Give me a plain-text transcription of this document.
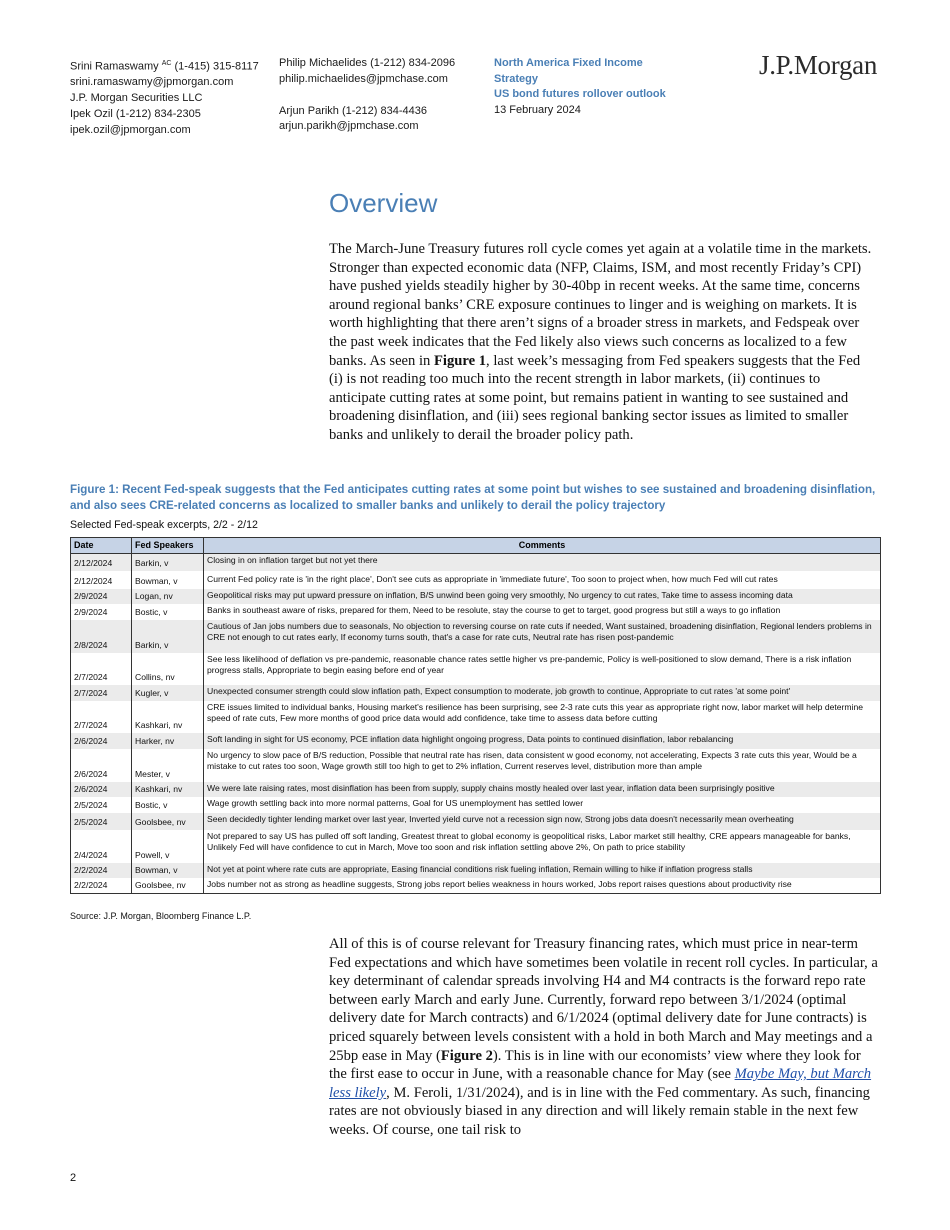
Srini Ramaswamy $^{AC}$ (1-415) 315-8117
srini.ramaswamy@jpmorgan.com
J.P. Morgan Securities LLC
Ipek Ozil (1-212) 834-2305
ipek.ozil@jpmorgan.com
Philip Michaelides (1-212) 834-2096
philip.michaelides@jpmchase.com
Arjun Parikh (1-212) 834-4436
arjun.parikh@jpmchase.com
North America Fixed Income
Strategy
US bond futures rollover outlook
13 February 2024
J.P.Morgan
Overview

The March-June Treasury futures roll cycle comes yet again at a volatile time in the markets. Stronger than expected economic data (NFP, Claims, ISM, and most recently Friday’s CPI) have pushed yields steadily higher by 30-40bp in recent weeks. At the same time, concerns around regional banks’ CRE exposure continues to linger and is weighing on markets. It is worth highlighting that there aren’t signs of a broader stress in markets, and Fedspeak over the past week indicates that the Fed likely also views such concerns as localized to a few banks. As seen in Figure 1, last week’s messaging from Fed speakers suggests that the Fed (i) is not reading too much into the recent strength in labor markets, (ii) continues to anticipate cutting rates at some point, but remains patient in wanting to see sustained and broadening disinflation, and (iii) sees regional banking sector issues as limited to smaller banks and unlikely to derail the broader policy path.

Figure 1: Recent Fed-speak suggests that the Fed anticipates cutting rates at some point but wishes to see sustained and broadening disinflation, and also sees CRE-related concerns as localized to smaller banks and unlikely to derail the policy trajectory
Selected Fed-speak excerpts, 2/2 - 2/12
Date	Fed Speakers	Comments
2/12/2024	Barkin, v	Closing in on inflation target but not yet there
2/12/2024	Bowman, v	Current Fed policy rate is 'in the right place', Don't see cuts as appropriate in 'immediate future', Too soon to project when, how much Fed will cut rates
2/9/2024	Logan, nv	Geopolitical risks may put upward pressure on inflation, B/S unwind been going very smoothly, No urgency to cut rates, Take time to assess incoming data
2/9/2024	Bostic, v	Banks in southeast aware of risks, prepared for them, Need to be resolute, stay the course to get to target, good progress but still a ways to go inflation
2/8/2024	Barkin, v	Cautious of Jan jobs numbers due to seasonals, No objection to reversing course on rate cuts if needed, Want sustained, broadening disinflation, Regional lenders problems in CRE not enough to cut rates early, If economy turns south, that's a case for rate cuts, Neutral rate has risen post-pandemic
2/7/2024	Collins, nv	See less likelihood of deflation vs pre-pandemic, reasonable chance rates settle higher vs pre-pandemic, Policy is well-positioned to slow demand, There is a risk inflation progress stalls, Appropriate to begin easing before end of year
2/7/2024	Kugler, v	Unexpected consumer strength could slow inflation path, Expect consumption to moderate, job growth to continue, Appropriate to cut rates 'at some point'
2/7/2024	Kashkari, nv	CRE issues limited to individual banks, Housing market's resilience has been surprising, see 2-3 rate cuts this year as appropriate right now, labor market will help determine speed of rate cuts, Few more months of good price data would add confidence, take time to assess data before cutting
2/6/2024	Harker, nv	Soft landing in sight for US economy, PCE inflation data highlight ongoing progress, Data points to continued disinflation, labor rebalancing
2/6/2024	Mester, v	No urgency to slow pace of B/S reduction, Possible that neutral rate has risen, data consistent w good economy, not accelerating, Expects 3 rate cuts this year, Would be a mistake to cut rates too soon, Wage growth still too high to get to 2% inflation, Current reserves level, distribution more than ample
2/6/2024	Kashkari, nv	We were late raising rates, most disinflation has been from supply, supply chains mostly healed over last year, inflation data been surprisingly positive
2/5/2024	Bostic, v	Wage growth settling back into more normal patterns, Goal for US unemployment has settled lower
2/5/2024	Goolsbee, nv	Seen decidedly tighter lending market over last year, Inverted yield curve not a recession sign now, Strong jobs data doesn't necessarily mean overheating
2/4/2024	Powell, v	Not prepared to say US has pulled off soft landing, Greatest threat to global economy is geopolitical risks, Labor market still healthy, CRE appears manageable for banks, Unlikely Fed will have confidence to cut in March, Move too soon and risk inflation settling above 2%, On path to price stability
2/2/2024	Bowman, v	Not yet at point where rate cuts are appropriate, Easing financial conditions risk fueling inflation, Remain willing to hike if inflation progress stalls
2/2/2024	Goolsbee, nv	Jobs number not as strong as headline suggests, Strong jobs report belies weakness in hours worked, Jobs report raises questions about productivity rise
Source: J.P. Morgan, Bloomberg Finance L.P.

All of this is of course relevant for Treasury financing rates, which must price in near-term Fed expectations and which have sometimes been volatile in recent roll cycles. In particular, a key determinant of calendar spreads involving H4 and M4 contracts is the forward repo rate between early March and early June. Currently, forward repo between 3/1/2024 (optimal delivery date for March contracts) and 6/1/2024 (optimal delivery date for June contracts) is priced squarely between levels consistent with a hold in both March and May meetings and a 25bp ease in May (Figure 2). This is in line with our economists’ view where they look for the first ease to occur in June, with a reasonable chance for May (see Maybe May, but March less likely, M. Feroli, 1/31/2024), and is in line with the Fed commentary. As such, financing rates are not obviously biased in any direction and will likely remain stable in the next few weeks. Of course, one tail risk to

2
